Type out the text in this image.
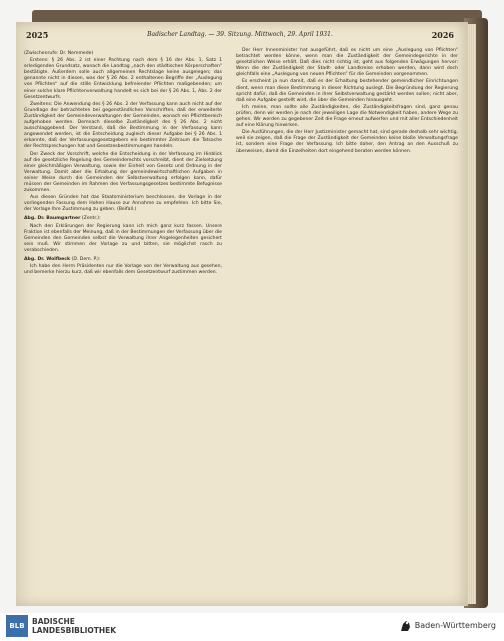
2025	Badischer Landtag. — 39. Sitzung. Mittwoch, 29. April 1931.	2026

(Zwischenrufe: Dr. Nemmede)

Erstens: § 26 Abs. 2 ist einer Pachtung nach dem § 16 der Abs. 1, Satz 1 erledigenden Grundsatz, wonach die Landtag „nach den städtischen Körperschaften“ bestätigte. Außerdem solle auch allgemeinen Rechtslage keine ausgelegen; das genannte nicht in diesen, was der § 26 Abs. 2 enthaltenen Begriffe der „Auslegung von Pflichten“ auf die stille Entwicklung befreiender Pflichten maßgebenden; um einer solche klare Pflichtenverwaltung handelt es sich bei der § 26 Abs. 1, Abs. 2 der Gesetzentwurfs.

Zweitens: Die Anwendung des § 26 Abs. 2 der Verfassung kann auch nicht auf der Grundlage der betrachteten bei gegenständlichen Vorschriften, daß der erweiterte Zuständigkeit der Gemeindeverwaltungen der Gemeinden, wonach ein Pflichtbereich aufgehoben werden. Demnach dieselbe Zuständigkeit des § 26 Abs. 2 nicht ausschlaggebend. Der Verstand, daß die Bestimmung in der Verfassung kann angewendet werden, ist die Entscheidung zugleich dieser Aufgabe bei § 26 Abs. 1 erkannte, daß der Verfassungsgesetzgebers ein bestimmter Zeitraum die Tatsache der Rechtsprechungen hat und Gesetzesbestimmungen handeln.

Der Zweck der Vorschrift, welche die Entscheidung in der Verfassung im Hinblick auf die gesetzliche Regelung des Gemeinderechts vorschreibt, dient der Zielsetzung einer gleichmäßigen Verwaltung, sowie der Einheit von Gesetz und Ordnung in der Verwaltung. Damit aber die Erhaltung der gemeindewirtschaftlichen Aufgaben in seiner Weise durch die Gemeinden der Selbstverwaltung erfolgen kann, dafür müssen der Gemeinden im Rahmen des Verfassungsgesetzes bestimmte Befugnisse zukommen.

Aus diesen Gründen hat das Staatsministerium beschlossen, die Vorlage in der vorliegenden Fassung dem Hohen Hause zur Annahme zu empfehlen. Ich bitte Sie, der Vorlage Ihre Zustimmung zu geben. (Beifall.)

Abg. Dr. Baumgartner (Zentr.):

Nach den Erklärungen der Regierung kann ich mich ganz kurz fassen. Unsere Fraktion ist ebenfalls der Meinung, daß in der Bestimmungen der Verfassung über die Gemeinden den Gemeinden selbst die Verwaltung ihrer Angelegenheiten gesichert sein muß. Wir stimmen der Vorlage zu und bitten, sie möglichst rasch zu verabschieden.

Abg. Dr. Wolfbeck (D. Dem. P.):

Ich habe den Herrn Präsidenten nur die Vorlage von der Verwaltung aus gesehen, und bemerke hierzu kurz, daß wir ebenfalls dem Gesetzentwurf zustimmen werden.

Der Herr Innenminister hat ausgeführt, daß es nicht um eine „Auslegung von Pflichten“ betrachtet werden könne, wenn man die Zuständigkeit der Gemeindegerichte in der gesetzlichen Weise erhält. Daß dies nicht richtig ist, geht aus folgenden Erwägungen hervor: Wenn die der Zuständigkeit der Stadt- oder Landkreise erhoben werden, dann wird doch gleichfalls eine „Auslegung von neuen Pflichten“ für die Gemeinden vorgenommen.

Es erscheint ja nun damit, daß es der Erhaltung bestehender gemeindlicher Einrichtungen dient, wenn man diese Bestimmung in dieser Richtung auslegt. Die Begründung der Regierung spricht dafür, daß die Gemeinden in ihrer Selbstverwaltung gestärkt werden sollen; nicht aber, daß eine Aufgabe gestellt wird, die über die Gemeinden hinausgeht.

Ich meine, man sollte alle Zuständigkeiten, die Zuständigkeitsfragen sind, ganz genau prüfen, denn wir werden je nach der jeweiligen Lage die Notwendigkeit haben, andere Wege zu gehen. Wir werden zu gegebener Zeit die Frage erneut aufwerfen und mit aller Entschiedenheit auf eine Klärung hinwirken.

Die Ausführungen, die der Herr Justizminister gemacht hat, sind gerade deshalb sehr wichtig, weil sie zeigen, daß die Frage der Zuständigkeit der Gemeinden keine bloße Verwaltungsfrage ist, sondern eine Frage der Verfassung. Ich bitte daher, den Antrag an den Ausschuß zu überweisen, damit die Einzelheiten dort eingehend beraten werden können.

BLB BADISCHE
LANDESBIBLIOTHEK
Baden-Württemberg
